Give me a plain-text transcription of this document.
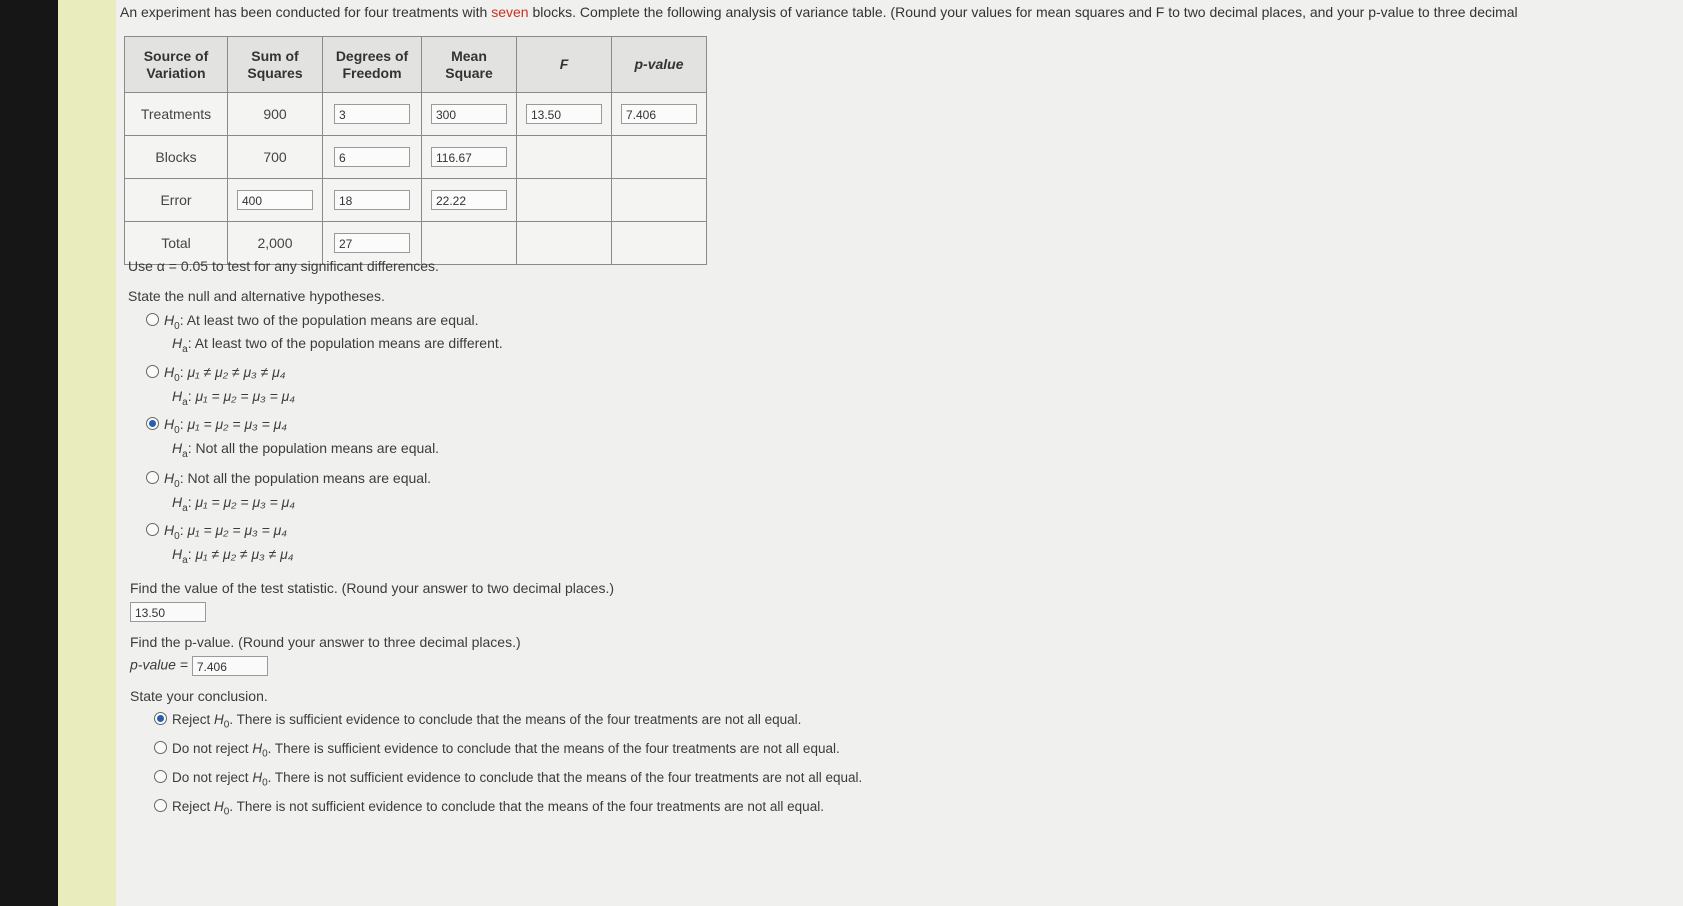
An experiment has been conducted for four treatments with seven blocks. Complete the following analysis of variance table. (Round your values for mean squares and F to two decimal places, and your p-value to three decimal
Source of Variation	Sum of Squares	Degrees of Freedom	Mean Square	F	p-value
Treatments	900	3	300	13.50	7.406
Blocks	700	6	116.67		
Error	400	18	22.22		
Total	2,000	27			
Use α = 0.05 to test for any significant differences.
State the null and alternative hypotheses.
$H_0$: At least two of the population means are equal.
$H_a$: At least two of the population means are different.
$H_0$: μ₁ ≠ μ₂ ≠ μ₃ ≠ μ₄
$H_a$: μ₁ = μ₂ = μ₃ = μ₄
$H_0$: μ₁ = μ₂ = μ₃ = μ₄
$H_a$: Not all the population means are equal.
$H_0$: Not all the population means are equal.
$H_a$: μ₁ = μ₂ = μ₃ = μ₄
$H_0$: μ₁ = μ₂ = μ₃ = μ₄
$H_a$: μ₁ ≠ μ₂ ≠ μ₃ ≠ μ₄
Find the value of the test statistic. (Round your answer to two decimal places.)
13.50
Find the p-value. (Round your answer to three decimal places.)
p-value = 7.406
State your conclusion.
Reject $H_0$. There is sufficient evidence to conclude that the means of the four treatments are not all equal.
Do not reject $H_0$. There is sufficient evidence to conclude that the means of the four treatments are not all equal.
Do not reject $H_0$. There is not sufficient evidence to conclude that the means of the four treatments are not all equal.
Reject $H_0$. There is not sufficient evidence to conclude that the means of the four treatments are not all equal.
